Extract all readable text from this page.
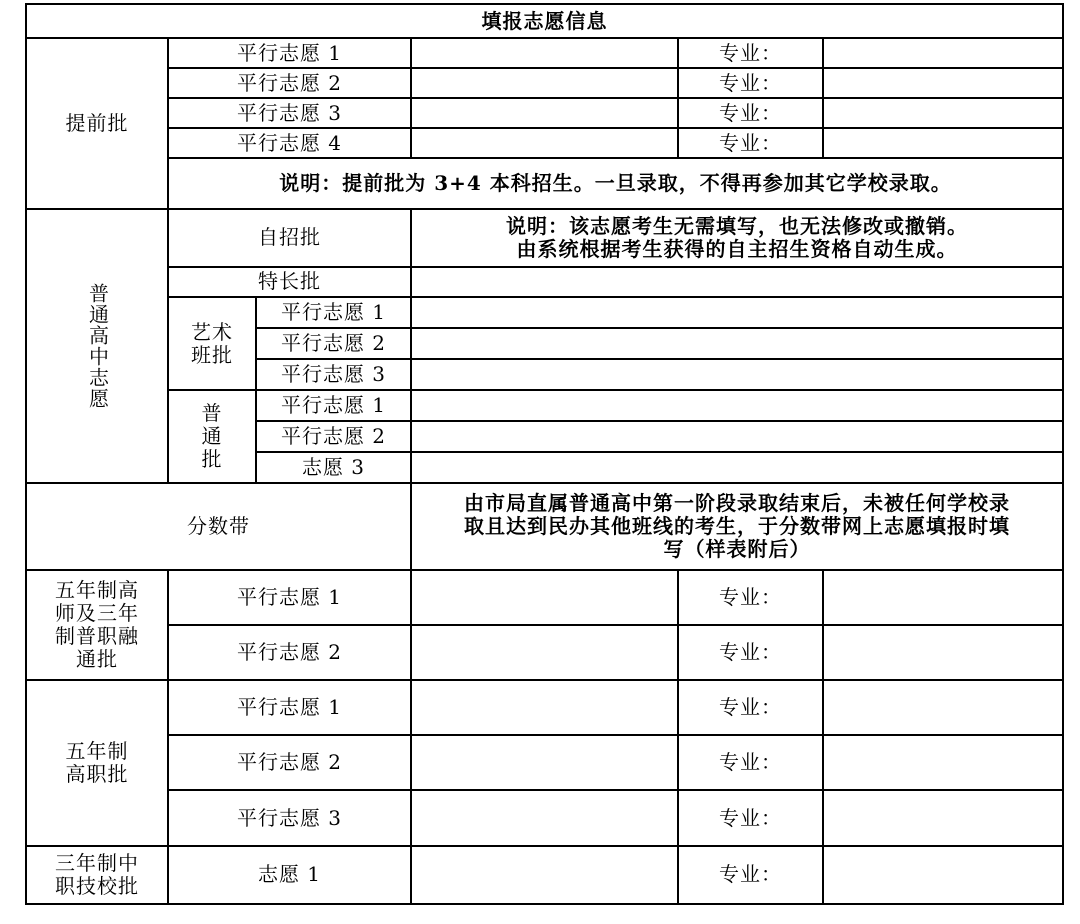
填报志愿信息					
提前批	平行志愿 1			专业：	
	平行志愿 2			专业：	
	平行志愿 3			专业：	
	平行志愿 4			专业：	
	说明：提前批为 3+4 本科招生。一旦录取，不得再参加其它学校录取。				
普通高中志愿	自招批		说明：该志愿考生无需填写，也无法修改或撤销。
由系统根据考生获得的自主招生资格自动生成。		

	特长批				

	艺术
班批	平行志愿 1			
		平行志愿 2			
		平行志愿 3			

	普
通
批	平行志愿 1			
		平行志愿 2			
		志愿 3			
分数带			由市局直属普通高中第一阶段录取结束后，未被任何学校录
取且达到民办其他班线的考生，于分数带网上志愿填报时填
写（样表附后）		

五年制高
师及三年
制普职融
通批	平行志愿 1			专业：	
	平行志愿 2			专业：	

五年制
高职批	平行志愿 1			专业：	
	平行志愿 2			专业：	
	平行志愿 3			专业：	

三年制中
职技校批	志愿 1			专业：	
